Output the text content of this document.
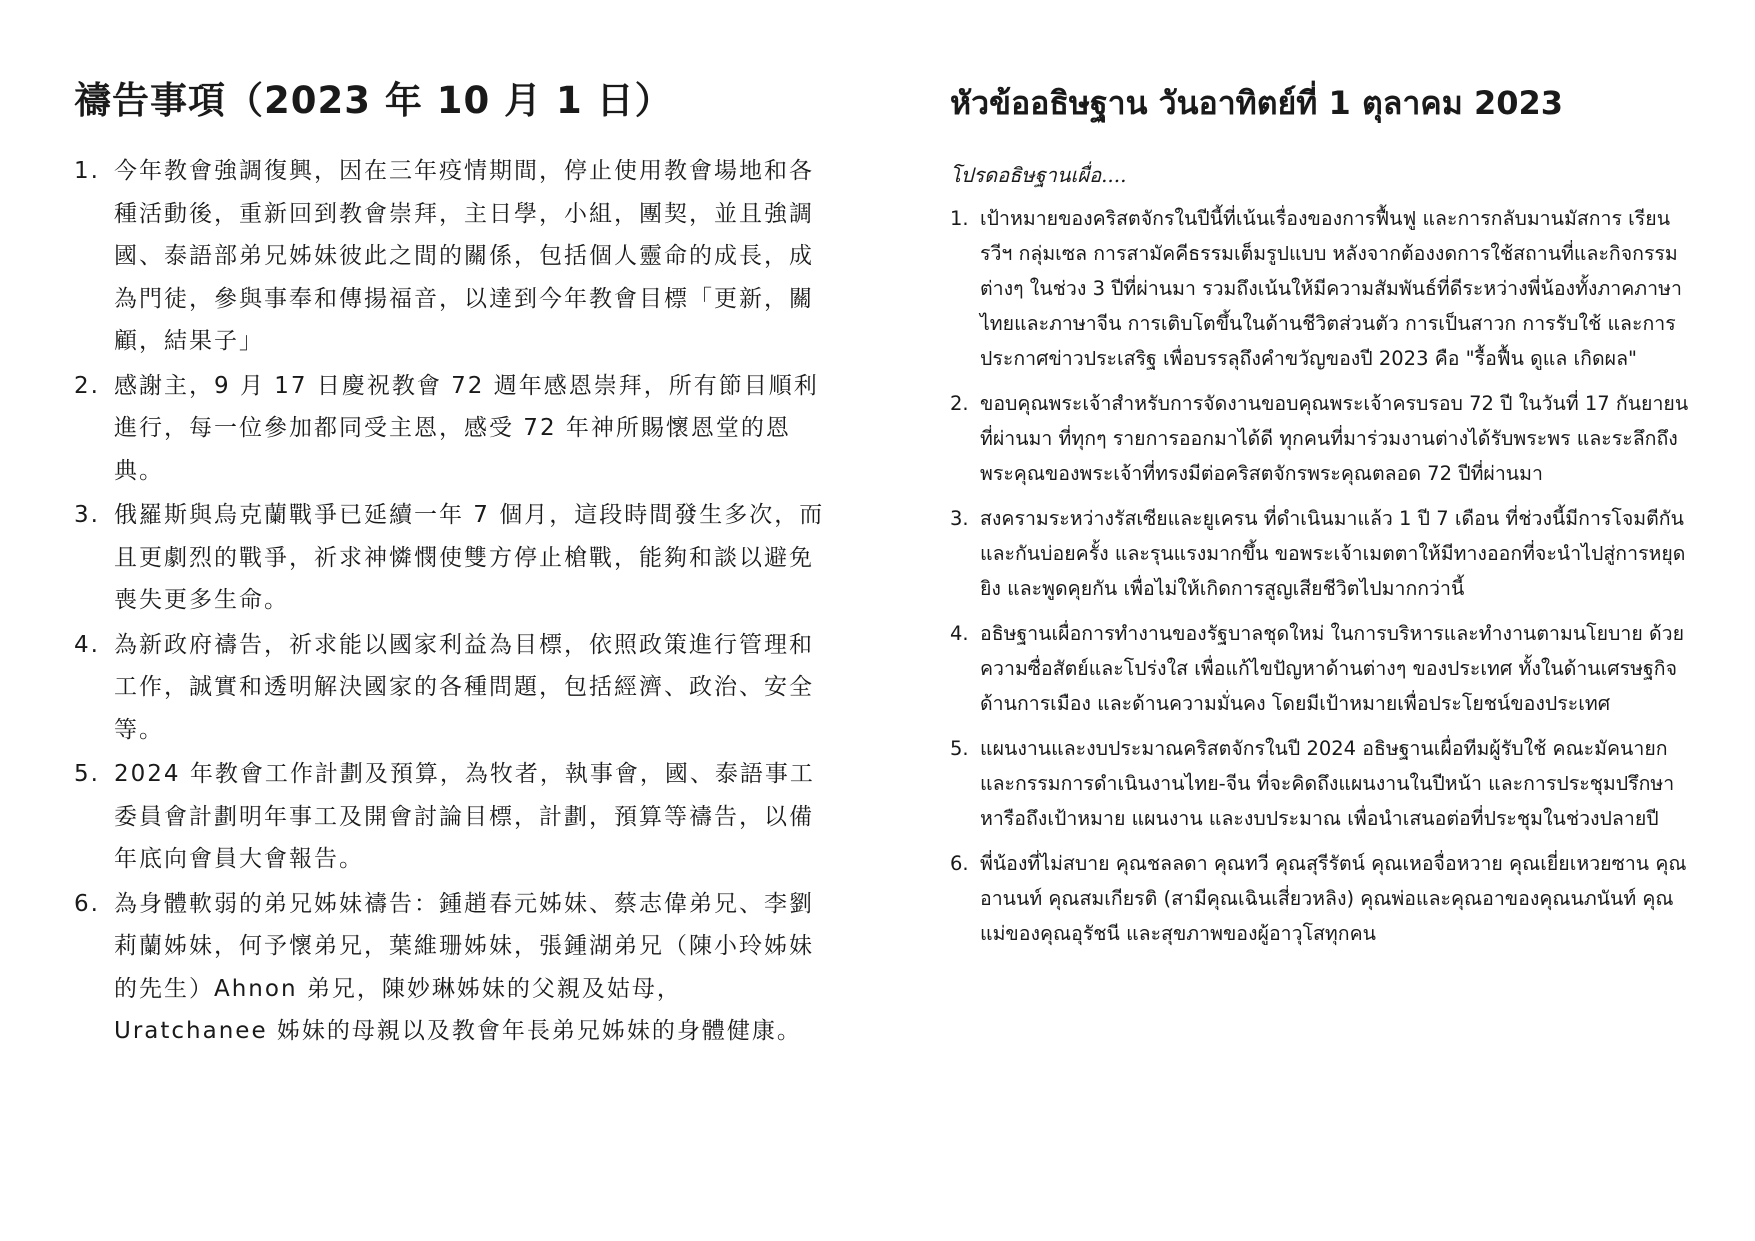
禱告事項（2023 年 10 月 1 日）
1. 今年教會強調復興，因在三年疫情期間，停止使用教會場地和各種活動後，重新回到教會崇拜，主日學，小組，團契，並且強調國、泰語部弟兄姊妹彼此之間的關係，包括個人靈命的成長，成為門徒，參與事奉和傳揚福音，以達到今年教會目標「更新，關顧，結果子」
2. 感謝主，9 月 17 日慶祝教會 72 週年感恩崇拜，所有節目順利進行，每一位參加都同受主恩，感受 72 年神所賜懷恩堂的恩典。
3. 俄羅斯與烏克蘭戰爭已延續一年 7 個月，這段時間發生多次，而且更劇烈的戰爭，祈求神憐憫使雙方停止槍戰，能夠和談以避免喪失更多生命。
4. 為新政府禱告，祈求能以國家利益為目標，依照政策進行管理和工作，誠實和透明解決國家的各種問題，包括經濟、政治、安全等。
5. 2024 年教會工作計劃及預算，為牧者，執事會，國、泰語事工委員會計劃明年事工及開會討論目標，計劃，預算等禱告，以備年底向會員大會報告。
6. 為身體軟弱的弟兄姊妹禱告：鍾趙春元姊妹、蔡志偉弟兄、李劉莉蘭姊妹，何予懷弟兄，葉維珊姊妹，張鍾湖弟兄（陳小玲姊妹的先生）Ahnon 弟兄，陳妙琳姊妹的父親及姑母，Uratchanee 姊妹的母親以及教會年長弟兄姊妹的身體健康。
หัวข้ออธิษฐาน วันอาทิตย์ที่ 1 ตุลาคม 2023

โปรดอธิษฐานเผื่อ....

1. เป้าหมายของคริสตจักรในปีนี้ที่เน้นเรื่องของการฟื้นฟู และการกลับมานมัสการ เรียนรวีฯ กลุ่มเซล การสามัคคีธรรมเต็มรูปแบบ หลังจากต้องงดการใช้สถานที่และกิจกรรมต่างๆ ในช่วง 3 ปีที่ผ่านมา รวมถึงเน้นให้มีความสัมพันธ์ที่ดีระหว่างพี่น้องทั้งภาคภาษาไทยและภาษาจีน การเติบโตขึ้นในด้านชีวิตส่วนตัว การเป็นสาวก การรับใช้ และการประกาศข่าวประเสริฐ เพื่อบรรลุถึงคำขวัญของปี 2023 คือ "รื้อฟื้น ดูแล เกิดผล"
2. ขอบคุณพระเจ้าสำหรับการจัดงานขอบคุณพระเจ้าครบรอบ 72 ปี ในวันที่ 17 กันยายนที่ผ่านมา ที่ทุกๆ รายการออกมาได้ดี ทุกคนที่มาร่วมงานต่างได้รับพระพร และระลึกถึงพระคุณของพระเจ้าที่ทรงมีต่อคริสตจักรพระคุณตลอด 72 ปีที่ผ่านมา
3. สงครามระหว่างรัสเซียและยูเครน ที่ดำเนินมาแล้ว 1 ปี 7 เดือน ที่ช่วงนี้มีการโจมตีกันและกันบ่อยครั้ง และรุนแรงมากขึ้น ขอพระเจ้าเมตตาให้มีทางออกที่จะนำไปสู่การหยุดยิง และพูดคุยกัน เพื่อไม่ให้เกิดการสูญเสียชีวิตไปมากกว่านี้
4. อธิษฐานเผื่อการทำงานของรัฐบาลชุดใหม่ ในการบริหารและทำงานตามนโยบาย ด้วยความซื่อสัตย์และโปร่งใส เพื่อแก้ไขปัญหาด้านต่างๆ ของประเทศ ทั้งในด้านเศรษฐกิจ ด้านการเมือง และด้านความมั่นคง โดยมีเป้าหมายเพื่อประโยชน์ของประเทศ
5. แผนงานและงบประมาณคริสตจักรในปี 2024 อธิษฐานเผื่อทีมผู้รับใช้ คณะมัคนายก และกรรมการดำเนินงานไทย-จีน ที่จะคิดถึงแผนงานในปีหน้า และการประชุมปรึกษาหารือถึงเป้าหมาย แผนงาน และงบประมาณ เพื่อนำเสนอต่อที่ประชุมในช่วงปลายปี
6. พี่น้องที่ไม่สบาย คุณชลลดา คุณทวี คุณสุรีรัตน์ คุณเหอจื่อหวาย คุณเยี่ยเหวยซาน คุณอานนท์ คุณสมเกียรติ (สามีคุณเฉินเสี่ยวหลิง) คุณพ่อและคุณอาของคุณนภนันท์ คุณแม่ของคุณอุรัชนี และสุขภาพของผู้อาวุโสทุกคน
